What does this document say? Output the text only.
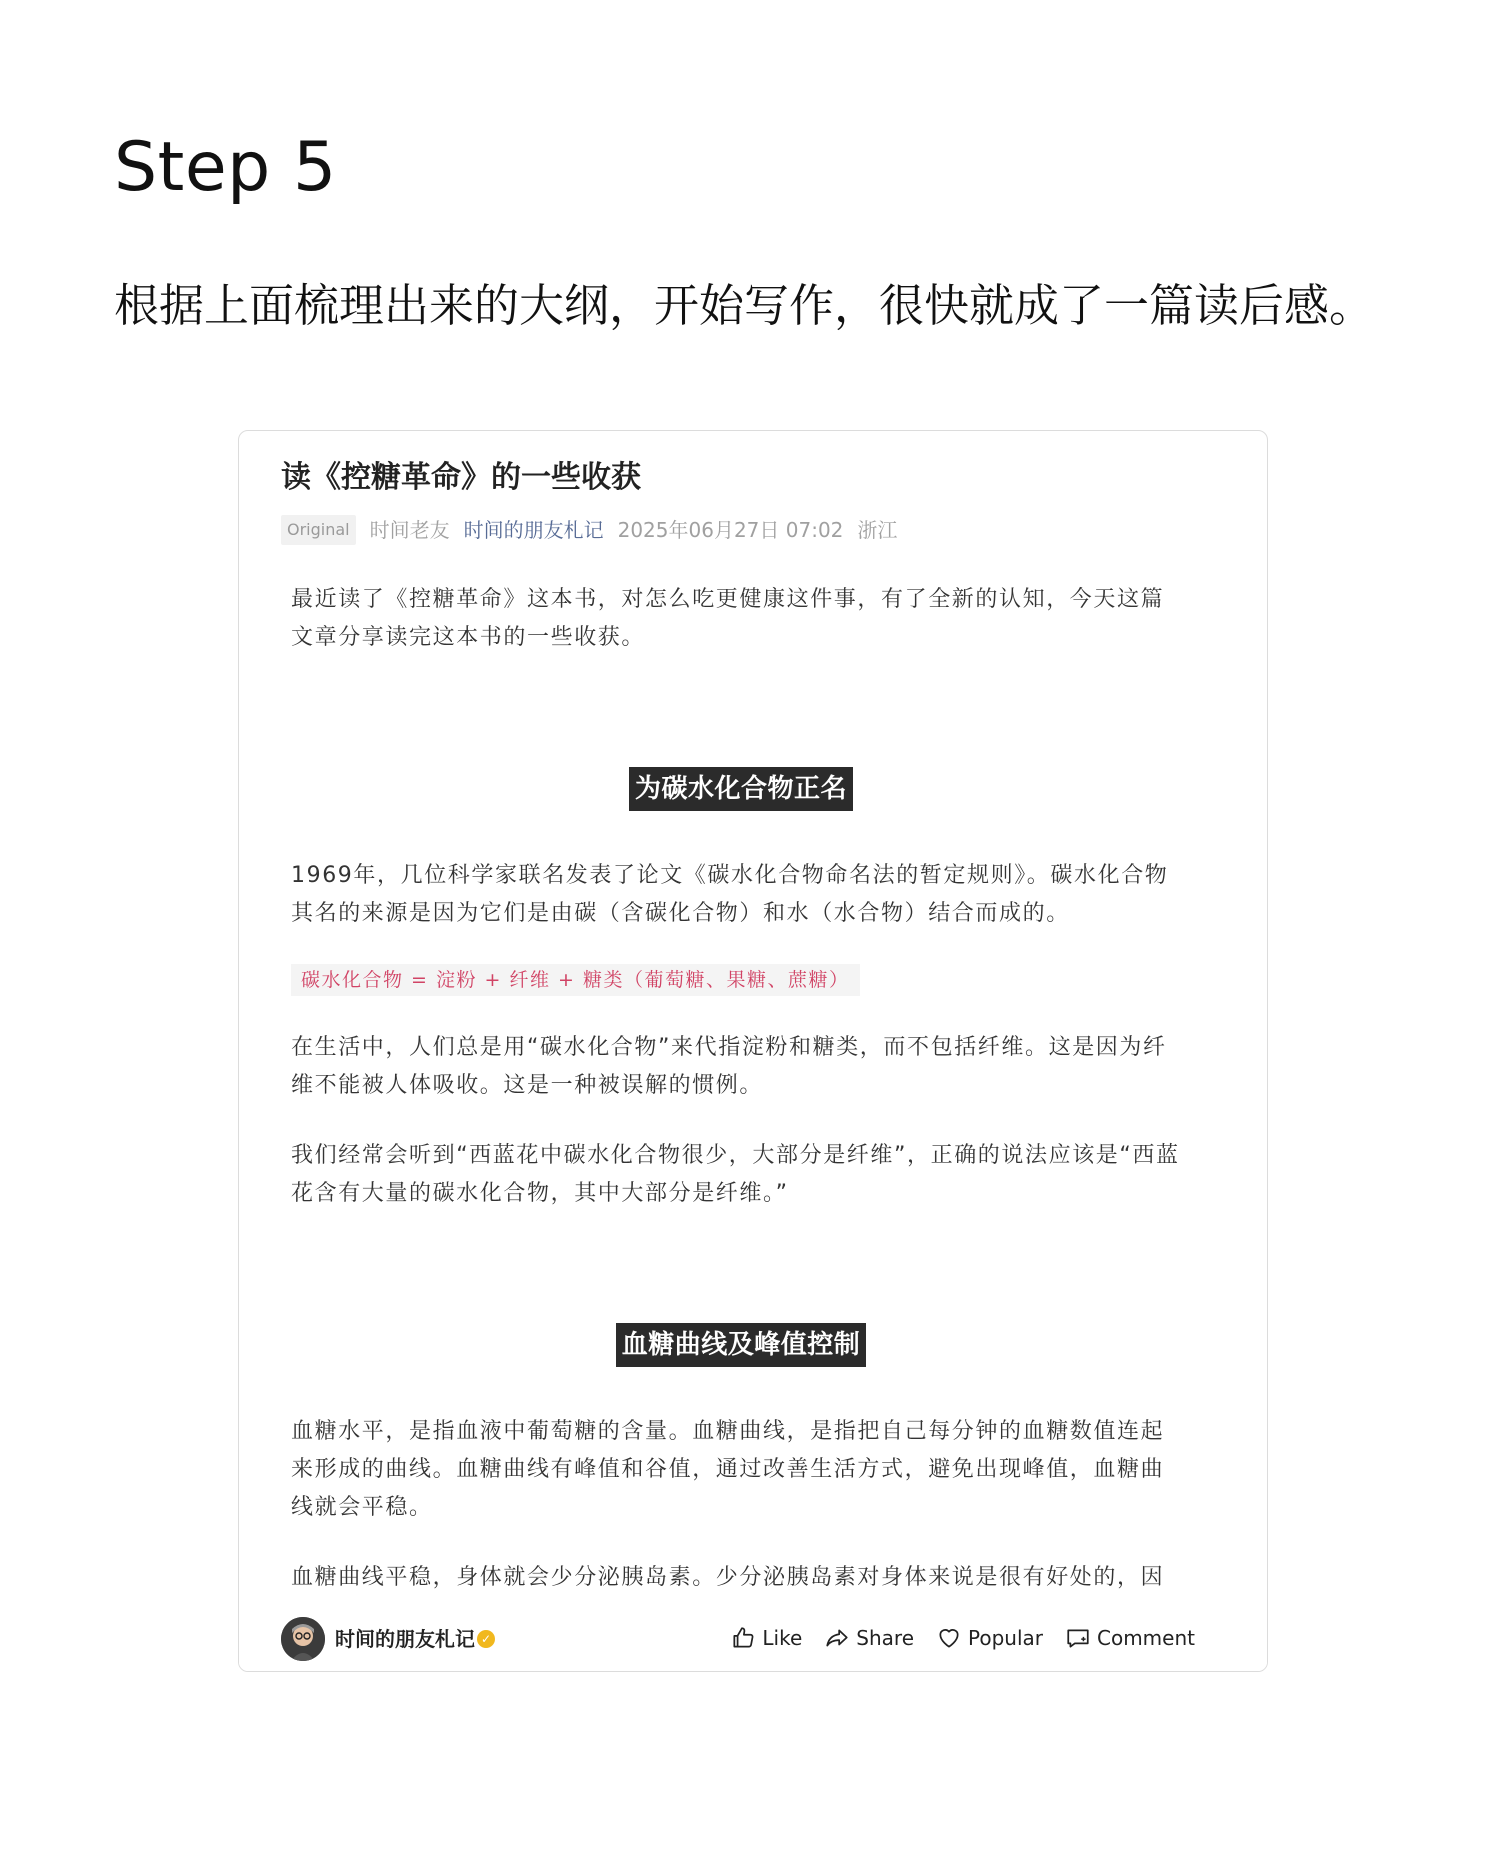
Step 5
根据上面梳理出来的大纲，开始写作，很快就成了一篇读后感。
读《控糖革命》的一些收获
Original	时间老友 时间的朋友札记 2025年06月27日 07:02 浙江

最近读了《控糖革命》这本书，对怎么吃更健康这件事，有了全新的认知，今天这篇
文章分享读完这本书的一些收获。

为碳水化合物正名

1969年，几位科学家联名发表了论文《碳水化合物命名法的暂定规则》。碳水化合物
其名的来源是因为它们是由碳（含碳化合物）和水（水合物）结合而成的。

碳水化合物 = 淀粉 + 纤维 + 糖类（葡萄糖、果糖、蔗糖）

在生活中，人们总是用“碳水化合物”来代指淀粉和糖类，而不包括纤维。这是因为纤
维不能被人体吸收。这是一种被误解的惯例。

我们经常会听到“西蓝花中碳水化合物很少，大部分是纤维”，正确的说法应该是“西蓝
花含有大量的碳水化合物，其中大部分是纤维。”

血糖曲线及峰值控制

血糖水平，是指血液中葡萄糖的含量。血糖曲线，是指把自己每分钟的血糖数值连起
来形成的曲线。血糖曲线有峰值和谷值，通过改善生活方式，避免出现峰值，血糖曲
线就会平稳。

血糖曲线平稳，身体就会少分泌胰岛素。少分泌胰岛素对身体来说是很有好处的，因

时间的朋友札记 ✓	Like	Share	Popular	Comment
